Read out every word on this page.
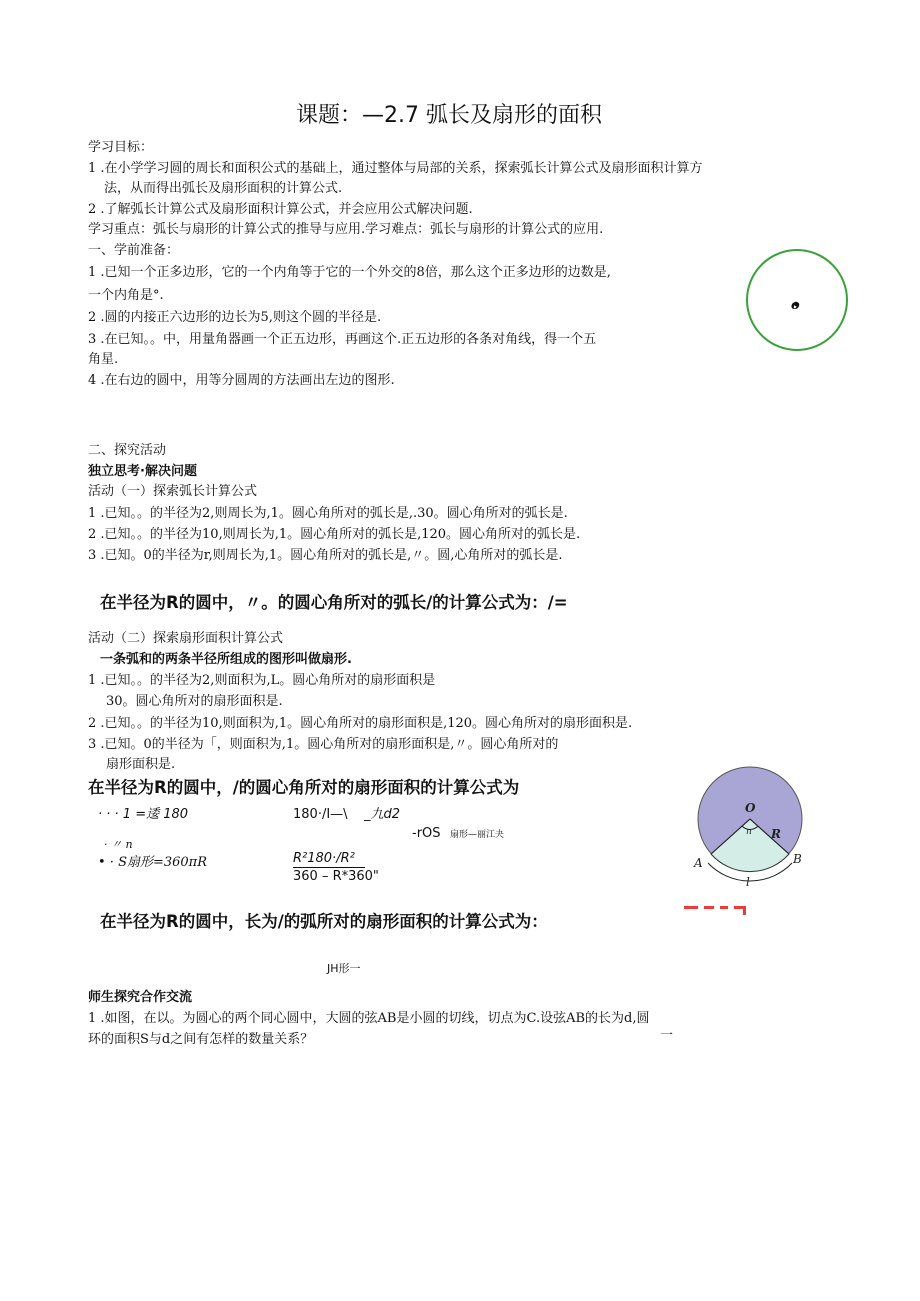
课题：—2.7 弧长及扇形的面积
学习目标：
1 .在小学学习圆的周长和面积公式的基础上，通过整体与局部的关系，探索弧长计算公式及扇形面积计算方
法，从而得出弧长及扇形面积的计算公式.
2 .了解弧长计算公式及扇形面积计算公式，并会应用公式解决问题.
学习重点：弧长与扇形的计算公式的推导与应用.学习难点：弧长与扇形的计算公式的应用.
一、学前准备：
1 .已知一个正多边形，它的一个内角等于它的一个外交的8倍，那么这个正多边形的边数是,
一个内角是°.
2 .圆的内接正六边形的边长为5,则这个圆的半径是.
3 .在已知。。中，用量角器画一个正五边形，再画这个.正五边形的各条对角线，得一个五
角星.
4 .在右边的圆中，用等分圆周的方法画出左边的图形.
o
二、探究活动
独立思考·解决问题
活动（一）探索弧长计算公式
1 .已知。。的半径为2,则周长为,1。圆心角所对的弧长是,.30。圆心角所对的弧长是.
2 .已知。。的半径为10,则周长为,1。圆心角所对的弧长是,120。圆心角所对的弧长是.
3 .已知。0的半径为r,则周长为,1。圆心角所对的弧长是,〃。圆,心角所对的弧长是.
在半径为R的圆中，〃。的圆心角所对的弧长/的计算公式为：/=
活动（二）探索扇形面积计算公式
一条弧和的两条半径所组成的图形叫做扇形.
1 .已知。。的半径为2,则面积为,L。圆心角所对的扇形面积是
30。圆心角所对的扇形面积是.
2 .已知。。的半径为10,则面积为,1。圆心角所对的扇形面积是,120。圆心角所对的扇形面积是.
3 .已知。0的半径为「，则面积为,1。圆心角所对的扇形面积是,〃。圆心角所对的
扇形面积是.
在半径为R的圆中，/的圆心角所对的扇形面积的计算公式为
· · · 1 =逶 180	180·/I—\ _九d2
-rOS 扇形—丽江夬
· 〃 n
• · S扇形=360πR	R²180·/R²
360 – R*360"
O
n R
A	B
l
在半径为R的圆中，长为/的弧所对的扇形面积的计算公式为：
JH形一
师生探究合作交流
1 .如图，在以。为圆心的两个同心圆中，大圆的弦AB是小圆的切线，切点为C.设弦AB的长为d,圆
环的面积S与d之间有怎样的数量关系？	一
